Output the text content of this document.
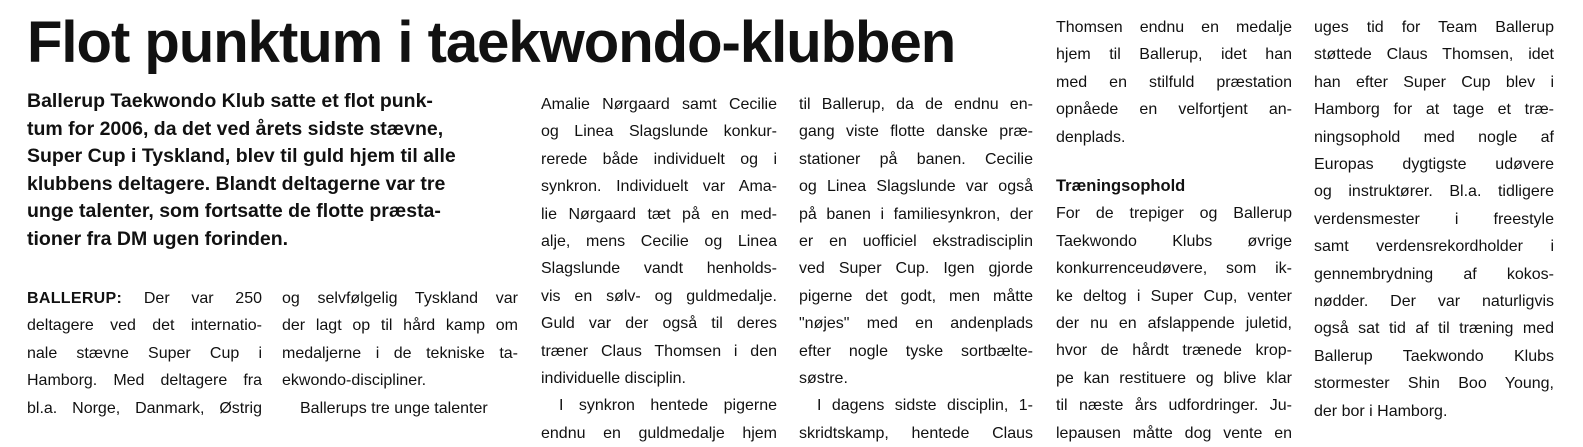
Flot punktum i taekwondo-klubben
Ballerup Taekwondo Klub satte et flot punk-
tum for 2006, da det ved årets sidste stævne,
Super Cup i Tyskland, blev til guld hjem til alle
klubbens deltagere. Blandt deltagerne var tre
unge talenter, som fortsatte de flotte præsta-
tioner fra DM ugen forinden.
BALLERUP: Der var 250
deltagere ved det internatio-
nale stævne Super Cup i
Hamborg. Med deltagere fra
bl.a. Norge, Danmark, Østrig
og selvfølgelig Tyskland var
der lagt op til hård kamp om
medaljerne i de tekniske ta-
ekwondo-discipliner.
Ballerups tre unge talenter
Amalie Nørgaard samt Cecilie
og Linea Slagslunde konkur-
rerede både individuelt og i
synkron. Individuelt var Ama-
lie Nørgaard tæt på en med-
alje, mens Cecilie og Linea
Slagslunde vandt henholds-
vis en sølv- og guldmedalje.
Guld var der også til deres
træner Claus Thomsen i den
individuelle disciplin.
I synkron hentede pigerne
endnu en guldmedalje hjem
til Ballerup, da de endnu en-
gang viste flotte danske præ-
stationer på banen. Cecilie
og Linea Slagslunde var også
på banen i familiesynkron, der
er en uofficiel ekstradisciplin
ved Super Cup. Igen gjorde
pigerne det godt, men måtte
"nøjes" med en andenplads
efter nogle tyske sortbælte-
søstre.
I dagens sidste disciplin, 1-
skridtskamp, hentede Claus
Thomsen endnu en medalje
hjem til Ballerup, idet han
med en stilfuld præstation
opnåede en velfortjent an-
denplads.
Træningsophold
For de trepiger og Ballerup
Taekwondo Klubs øvrige
konkurrenceudøvere, som ik-
ke deltog i Super Cup, venter
der nu en afslappende juletid,
hvor de hårdt trænede krop-
pe kan restituere og blive klar
til næste års udfordringer. Ju-
lepausen måtte dog vente en
uges tid for Team Ballerup
støttede Claus Thomsen, idet
han efter Super Cup blev i
Hamborg for at tage et træ-
ningsophold med nogle af
Europas dygtigste udøvere
og instruktører. Bl.a. tidligere
verdensmester i freestyle
samt verdensrekordholder i
gennembrydning af kokos-
nødder. Der var naturligvis
også sat tid af til træning med
Ballerup Taekwondo Klubs
stormester Shin Boo Young,
der bor i Hamborg.
